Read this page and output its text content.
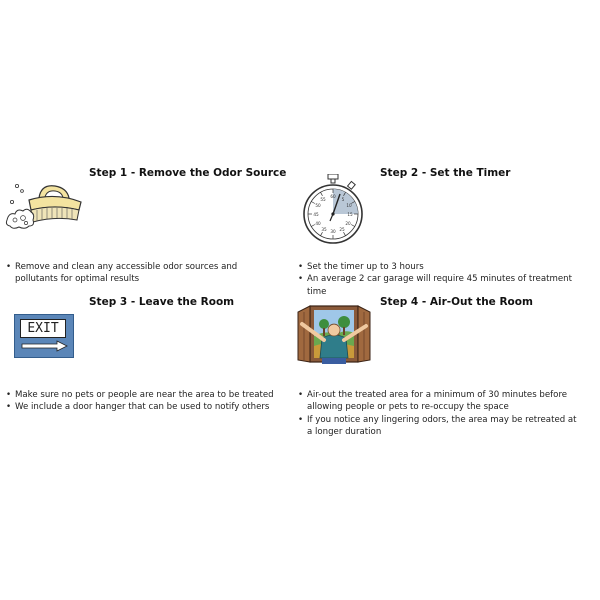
Step 1 - Remove the Odor Source
• Remove and clean any accessible odor sources and pollutants for optimal results
Step 2 - Set the Timer
60
5
10
15
20
25
30
35
40
45
50
55
• Set the timer up to 3 hours
• An average 2 car garage will require 45 minutes of treatment time
Step 3 - Leave the Room
EXIT
• Make sure no pets or people are near the area to be treated
• We include a door hanger that can be used to notify others
Step 4 - Air-Out the Room
• Air-out the treated area for a minimum of 30 minutes before allowing people or pets to re-occupy the space
• If you notice any lingering odors, the area may be retreated at a longer duration
